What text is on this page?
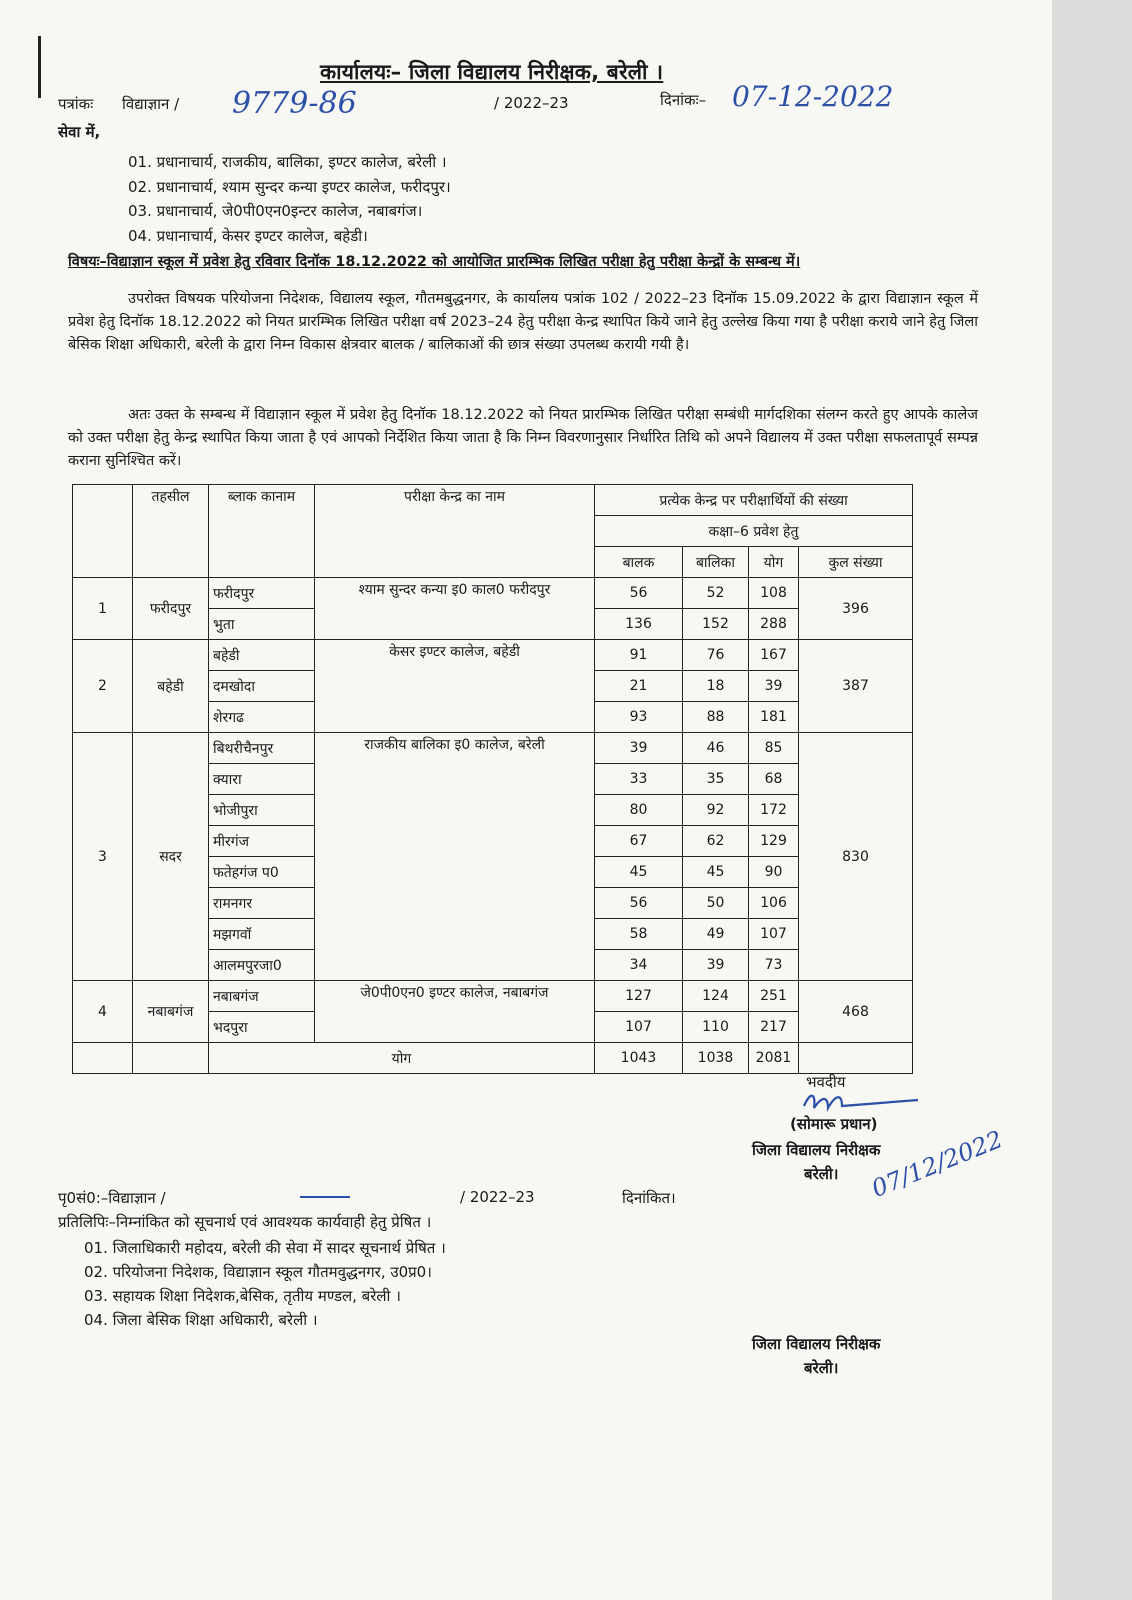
कार्यालयः– जिला विद्यालय निरीक्षक, बरेली ।
पत्रांकः विद्याज्ञान / 9779-86	/ 2022–23	दिनांकः– 07-12-2022
सेवा में,
01. प्रधानाचार्य, राजकीय, बालिका, इण्टर कालेज, बरेली ।
02. प्रधानाचार्य, श्याम सुन्दर कन्या इण्टर कालेज, फरीदपुर।
03. प्रधानाचार्य, जे0पी0एन0इन्टर कालेज, नबाबगंज।
04. प्रधानाचार्य, केसर इण्टर कालेज, बहेडी।
विषयः–विद्याज्ञान स्कूल में प्रवेश हेतु रविवार दिनॉक 18.12.2022 को आयोजित प्रारम्भिक लिखित परीक्षा हेतु परीक्षा केन्द्रों के सम्बन्ध में।
उपरोक्त विषयक परियोजना निदेशक, विद्यालय स्कूल, गौतमबुद्धनगर, के कार्यालय पत्रांक 102 / 2022–23 दिनॉक 15.09.2022 के द्वारा विद्याज्ञान स्कूल में प्रवेश हेतु दिनॉक 18.12.2022 को नियत प्रारम्भिक लिखित परीक्षा वर्ष 2023–24 हेतु परीक्षा केन्द्र स्थापित किये जाने हेतु उल्लेख किया गया है परीक्षा कराये जाने हेतु जिला बेसिक शिक्षा अधिकारी, बरेली के द्वारा निम्न विकास क्षेत्रवार बालक / बालिकाओं की छात्र संख्या उपलब्ध करायी गयी है।
अतः उक्त के सम्बन्ध में विद्याज्ञान स्कूल में प्रवेश हेतु दिनॉक 18.12.2022 को नियत प्रारम्भिक लिखित परीक्षा सम्बंधी मार्गदशिका संलग्न करते हुए आपके कालेज को उक्त परीक्षा हेतु केन्द्र स्थापित किया जाता है एवं आपको निर्देशित किया जाता है कि निम्न विवरणानुसार निर्धारित तिथि को अपने विद्यालय में उक्त परीक्षा सफलतापूर्व सम्पन्न कराना सुनिश्चित करें।
	तहसील	ब्लाक कानाम	परीक्षा केन्द्र का नाम	प्रत्येक केन्द्र पर परीक्षार्थियों की संख्या			
				कक्षा–6 प्रवेश हेतु			
				बालक	बालिका	योग	कुल संख्या
1	फरीदपुर	फरीदपुर	श्याम सुन्दर कन्या इ0 काल0 फरीदपुर	56	52	108	396
		भुता		136	152	288	
2	बहेडी	बहेडी	केसर इण्टर कालेज, बहेडी	91	76	167	387
		दमखोदा		21	18	39	
		शेरगढ		93	88	181	
3	सदर	बिथरीचैनपुर	राजकीय बालिका इ0 कालेज, बरेली	39	46	85	830
		क्यारा		33	35	68	
		भोजीपुरा		80	92	172	
		मीरगंज		67	62	129	
		फतेहगंज प0		45	45	90	
		रामनगर		56	50	106	
		मझगवॉ		58	49	107	
		आलमपुरजा0		34	39	73	
4	नबाबगंज	नबाबगंज	जे0पी0एन0 इण्टर कालेज, नबाबगंज	127	124	251	468
		भदपुरा		107	110	217	
		योग		1043	1038	2081	
भवदीय
(सोमारू प्रधान)
जिला विद्यालय निरीक्षक
बरेली। 07/12/2022
पृ0सं0:–विद्याज्ञान /	/ 2022–23	दिनांकित।
प्रतिलिपिः–निम्नांकित को सूचनार्थ एवं आवश्यक कार्यवाही हेतु प्रेषित ।
01. जिलाधिकारी महोदय, बरेली की सेवा में सादर सूचनार्थ प्रेषित ।
02. परियोजना निदेशक, विद्याज्ञान स्कूल गौतमवुद्धनगर, उ0प्र0।
03. सहायक शिक्षा निदेशक,बेसिक, तृतीय मण्डल, बरेली ।
04. जिला बेसिक शिक्षा अधिकारी, बरेली ।
जिला विद्यालय निरीक्षक
बरेली।
